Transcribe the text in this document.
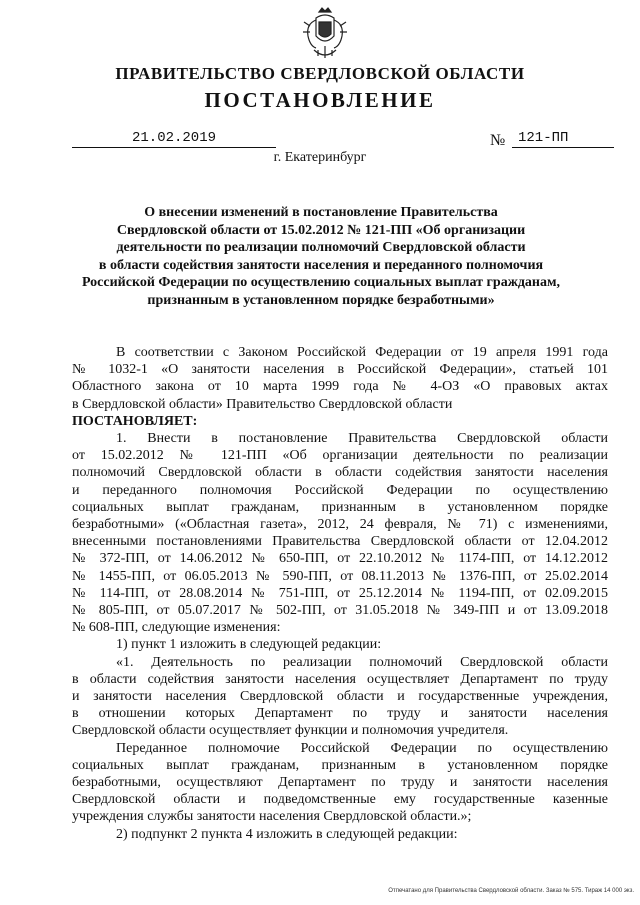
ПРАВИТЕЛЬСТВО СВЕРДЛОВСКОЙ ОБЛАСТИ
ПОСТАНОВЛЕНИЕ
21.02.2019	№ 121-ПП
г. Екатеринбург
О внесении изменений в постановление Правительства
Свердловской области от 15.02.2012 № 121-ПП «Об организации
деятельности по реализации полномочий Свердловской области
в области содействия занятости населения и переданного полномочия
Российской Федерации по осуществлению социальных выплат гражданам,
признанным в установленном порядке безработными»
В соответствии с Законом Российской Федерации от 19 апреля 1991 года
№ 1032-1 «О занятости населения в Российской Федерации», статьей 101
Областного закона от 10 марта 1999 года № 4-ОЗ «О правовых актах
в Свердловской области» Правительство Свердловской области
ПОСТАНОВЛЯЕТ:
1. Внести в постановление Правительства Свердловской области
от 15.02.2012 № 121-ПП «Об организации деятельности по реализации
полномочий Свердловской области в области содействия занятости населения
и переданного полномочия Российской Федерации по осуществлению
социальных выплат гражданам, признанным в установленном порядке
безработными» («Областная газета», 2012, 24 февраля, № 71) с изменениями,
внесенными постановлениями Правительства Свердловской области от 12.04.2012
№ 372-ПП, от 14.06.2012 № 650-ПП, от 22.10.2012 № 1174-ПП, от 14.12.2012
№ 1455-ПП, от 06.05.2013 № 590-ПП, от 08.11.2013 № 1376-ПП, от 25.02.2014
№ 114-ПП, от 28.08.2014 № 751-ПП, от 25.12.2014 № 1194-ПП, от 02.09.2015
№ 805-ПП, от 05.07.2017 № 502-ПП, от 31.05.2018 № 349-ПП и от 13.09.2018
№ 608-ПП, следующие изменения:
1) пункт 1 изложить в следующей редакции:
«1. Деятельность по реализации полномочий Свердловской области
в области содействия занятости населения осуществляет Департамент по труду
и занятости населения Свердловской области и государственные учреждения,
в отношении которых Департамент по труду и занятости населения
Свердловской области осуществляет функции и полномочия учредителя.
Переданное полномочие Российской Федерации по осуществлению
социальных выплат гражданам, признанным в установленном порядке
безработными, осуществляют Департамент по труду и занятости населения
Свердловской области и подведомственные ему государственные казенные
учреждения службы занятости населения Свердловской области.»;
2) подпункт 2 пункта 4 изложить в следующей редакции:
Отпечатано для Правительства Свердловской области. Заказ № 575. Тираж 14 000 экз.
